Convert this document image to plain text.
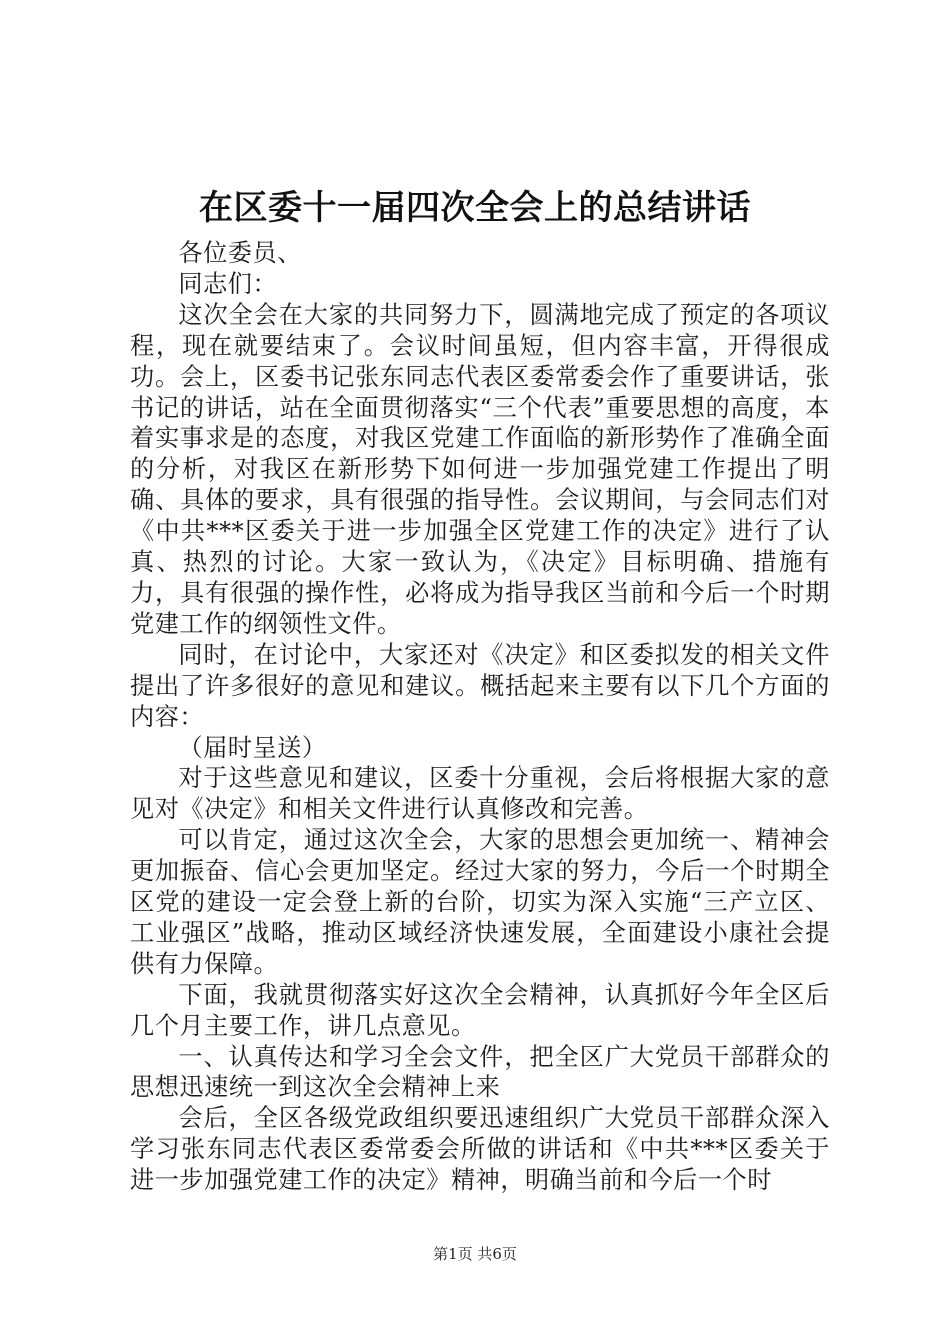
在区委十一届四次全会上的总结讲话

各位委员、

同志们：

这次全会在大家的共同努力下，圆满地完成了预定的各项议程，现在就要结束了。会议时间虽短，但内容丰富，开得很成功。会上，区委书记张东同志代表区委常委会作了重要讲话，张书记的讲话，站在全面贯彻落实“三个代表”重要思想的高度，本着实事求是的态度，对我区党建工作面临的新形势作了准确全面的分析，对我区在新形势下如何进一步加强党建工作提出了明确、具体的要求，具有很强的指导性。会议期间，与会同志们对《中共***区委关于进一步加强全区党建工作的决定》进行了认真、热烈的讨论。大家一致认为，《决定》目标明确、措施有力，具有很强的操作性，必将成为指导我区当前和今后一个时期党建工作的纲领性文件。

同时，在讨论中，大家还对《决定》和区委拟发的相关文件提出了许多很好的意见和建议。概括起来主要有以下几个方面的内容：

（届时呈送）

对于这些意见和建议，区委十分重视，会后将根据大家的意见对《决定》和相关文件进行认真修改和完善。

可以肯定，通过这次全会，大家的思想会更加统一、精神会更加振奋、信心会更加坚定。经过大家的努力，今后一个时期全区党的建设一定会登上新的台阶，切实为深入实施“三产立区、工业强区”战略，推动区域经济快速发展，全面建设小康社会提供有力保障。

下面，我就贯彻落实好这次全会精神，认真抓好今年全区后几个月主要工作，讲几点意见。

一、认真传达和学习全会文件，把全区广大党员干部群众的思想迅速统一到这次全会精神上来

会后，全区各级党政组织要迅速组织广大党员干部群众深入学习张东同志代表区委常委会所做的讲话和《中共***区委关于进一步加强党建工作的决定》精神，明确当前和今后一个时

第1页 共6页
